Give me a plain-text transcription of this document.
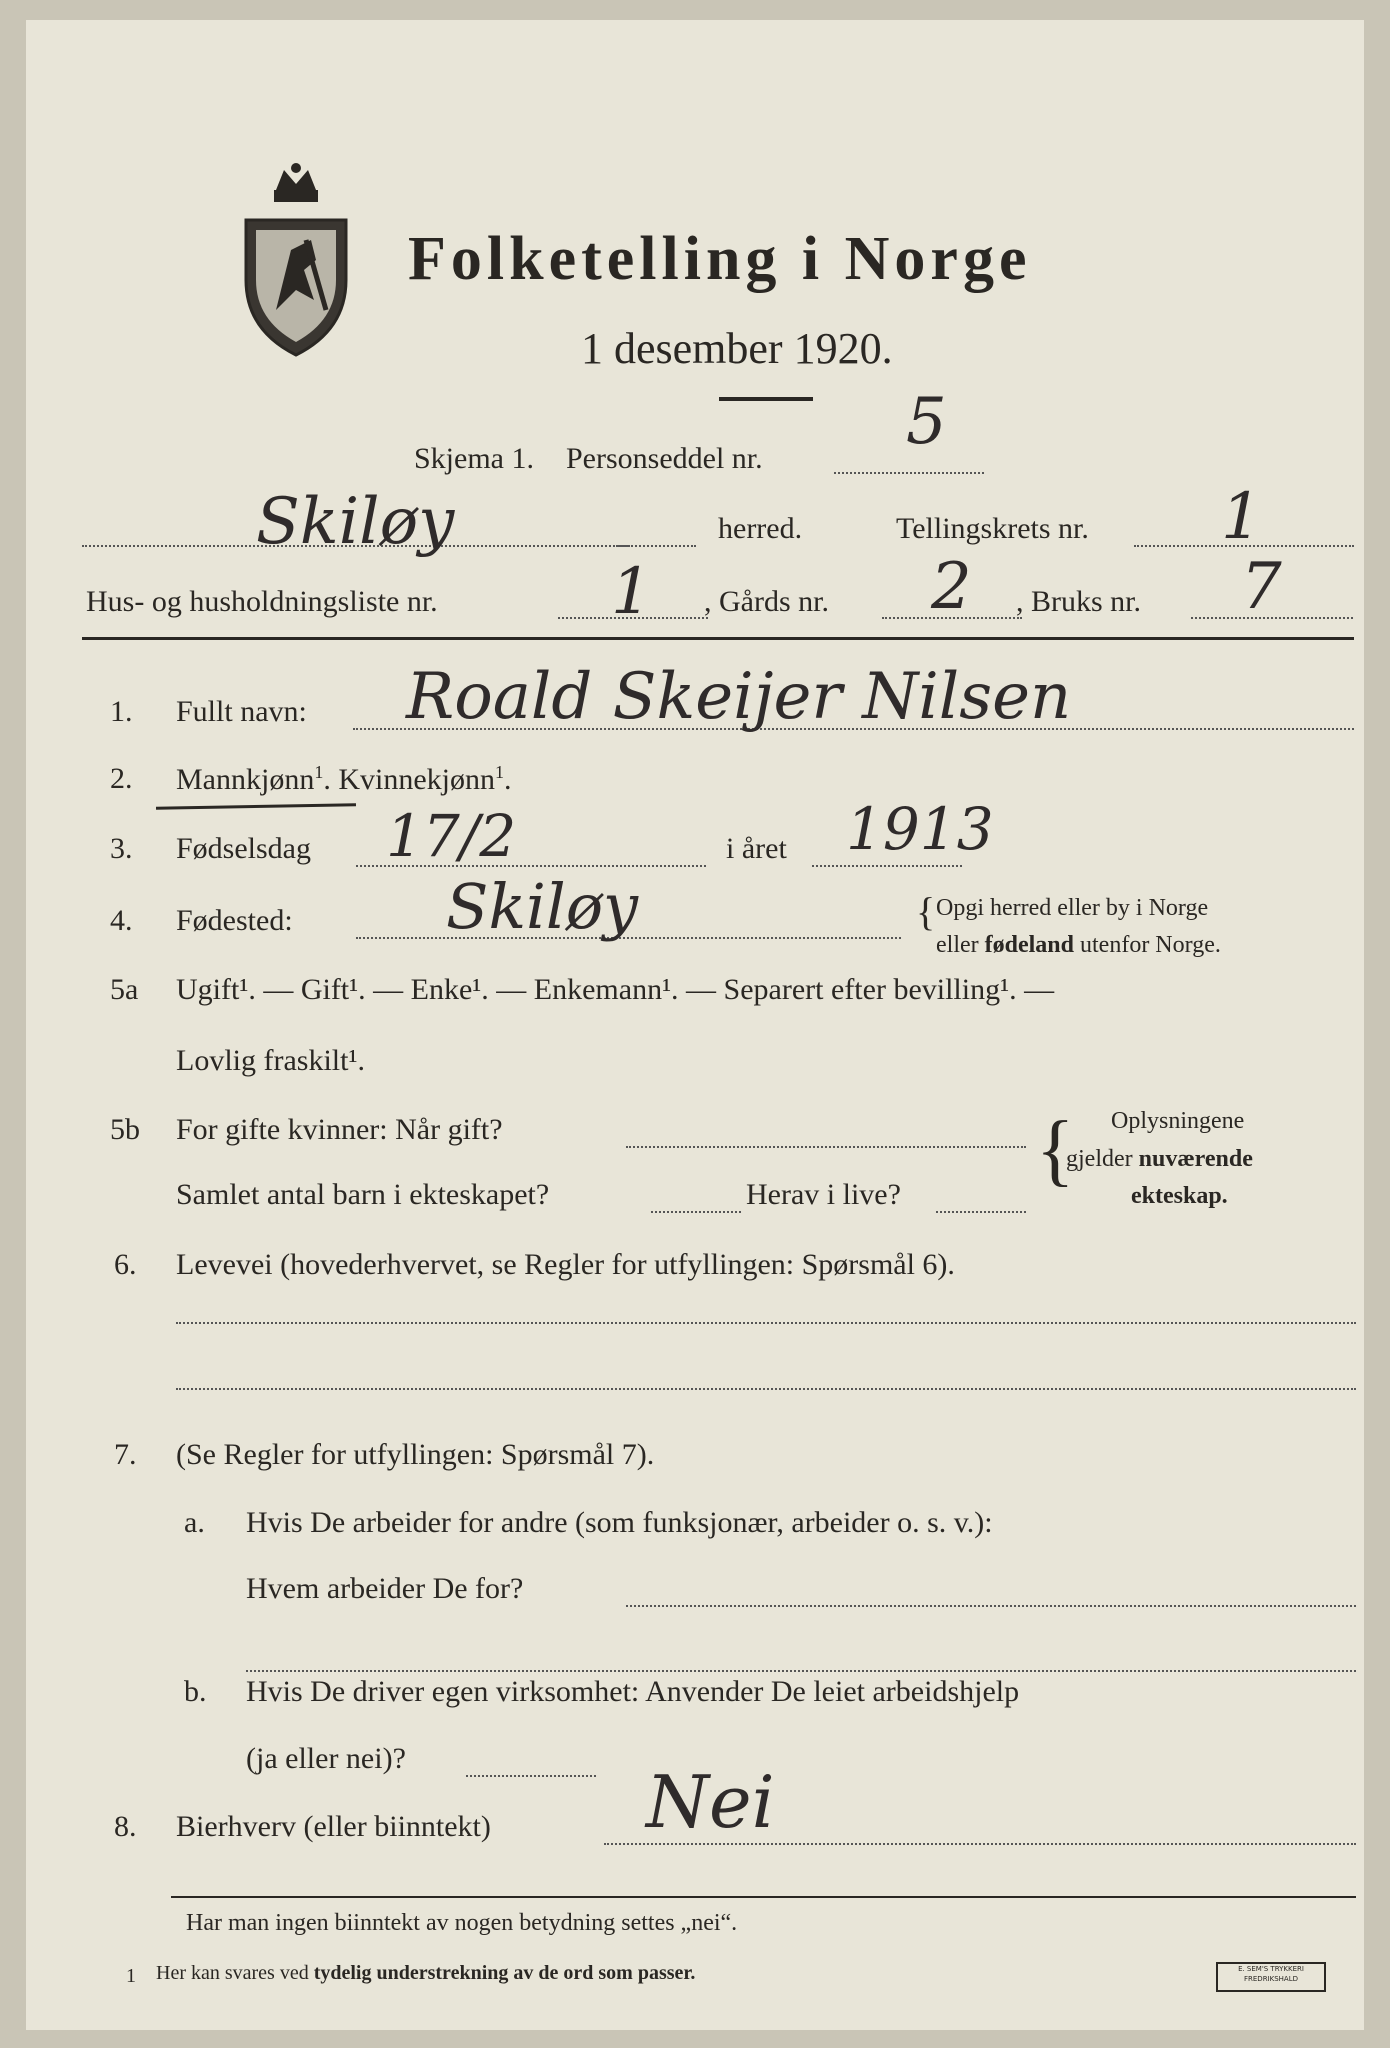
Folketelling i Norge
1 desember 1920.
Skjema 1. Personseddel nr. 5
Skiløy	herred.	Tellingskrets nr. 1
Hus- og husholdningsliste nr.	1 , Gårds nr. 2 , Bruks nr. 7
1. Fullt navn: Roald Skeijer Nilsen
2. Mannkjønn$^1$. Kvinnekjønn$^1$.
3. Fødselsdag 17/2	i året 1913
4. Fødested: Skiløy	{ Opgi herred eller by i Norge
eller fødeland utenfor Norge.
5a Ugift¹. — Gift¹. — Enke¹. — Enkemann¹. — Separert efter bevilling¹. —
Lovlig fraskilt¹.
5b For gifte kvinner: Når gift?
Samlet antal barn i ekteskapet?	Herav i live?
{ Oplysningene
gjelder nuværende
ekteskap.
6. Levevei (hovederhvervet, se Regler for utfyllingen: Spørsmål 6).
7. (Se Regler for utfyllingen: Spørsmål 7).
a. Hvis De arbeider for andre (som funksjonær, arbeider o. s. v.):
Hvem arbeider De for?
b. Hvis De driver egen virksomhet: Anvender De leiet arbeidshjelp
(ja eller nei)?
8. Bierhverv (eller biinntekt) Nei
Har man ingen biinntekt av nogen betydning settes „nei“.
1 Her kan svares ved tydelig understrekning av de ord som passer.	E. SEM'S TRYKKERI
FREDRIKSHALD
